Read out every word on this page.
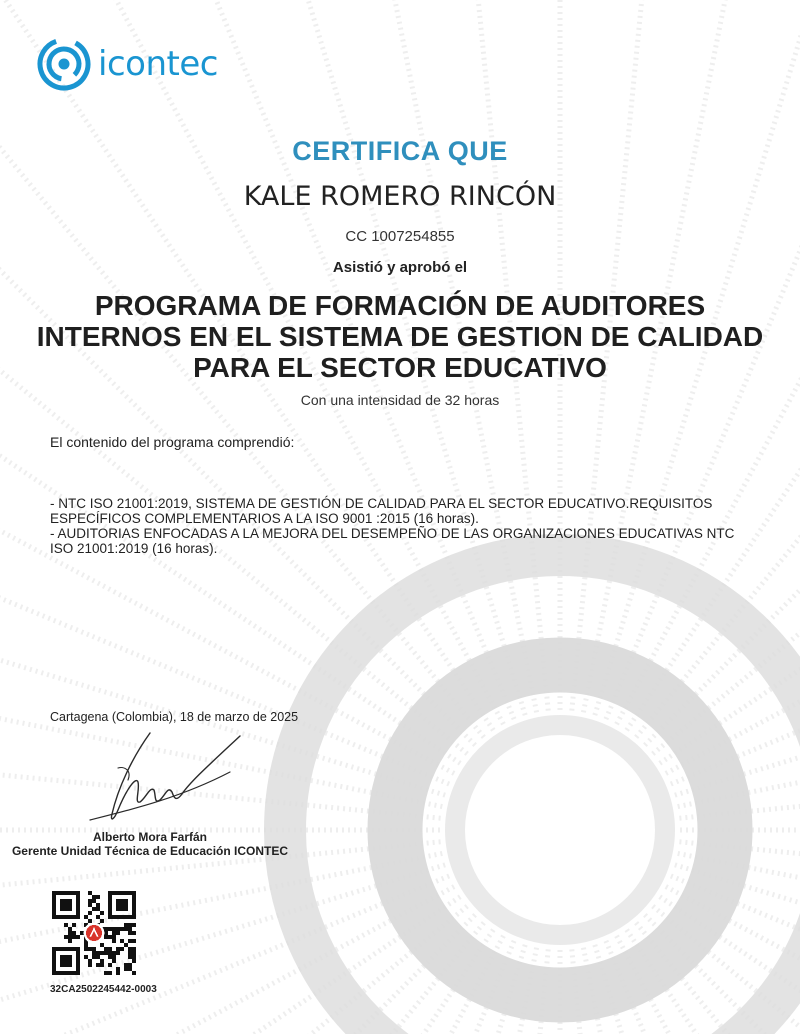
icontec
CERTIFICA QUE
KALE ROMERO RINCÓN
CC 1007254855
Asistió y aprobó el
PROGRAMA DE FORMACIÓN DE AUDITORES
INTERNOS EN EL SISTEMA DE GESTION DE CALIDAD
PARA EL SECTOR EDUCATIVO
Con una intensidad de 32 horas
El contenido del programa comprendió:
- NTC ISO 21001:2019, SISTEMA DE GESTIÓN DE CALIDAD PARA EL SECTOR EDUCATIVO.REQUISITOS
ESPECÍFICOS COMPLEMENTARIOS A LA ISO 9001 :2015 (16 horas).
- AUDITORIAS ENFOCADAS A LA MEJORA DEL DESEMPEÑO DE LAS ORGANIZACIONES EDUCATIVAS NTC
ISO 21001:2019 (16 horas).
Cartagena (Colombia), 18 de marzo de 2025
Alberto Mora Farfán
Gerente Unidad Técnica de Educación ICONTEC
32CA2502245442-0003
